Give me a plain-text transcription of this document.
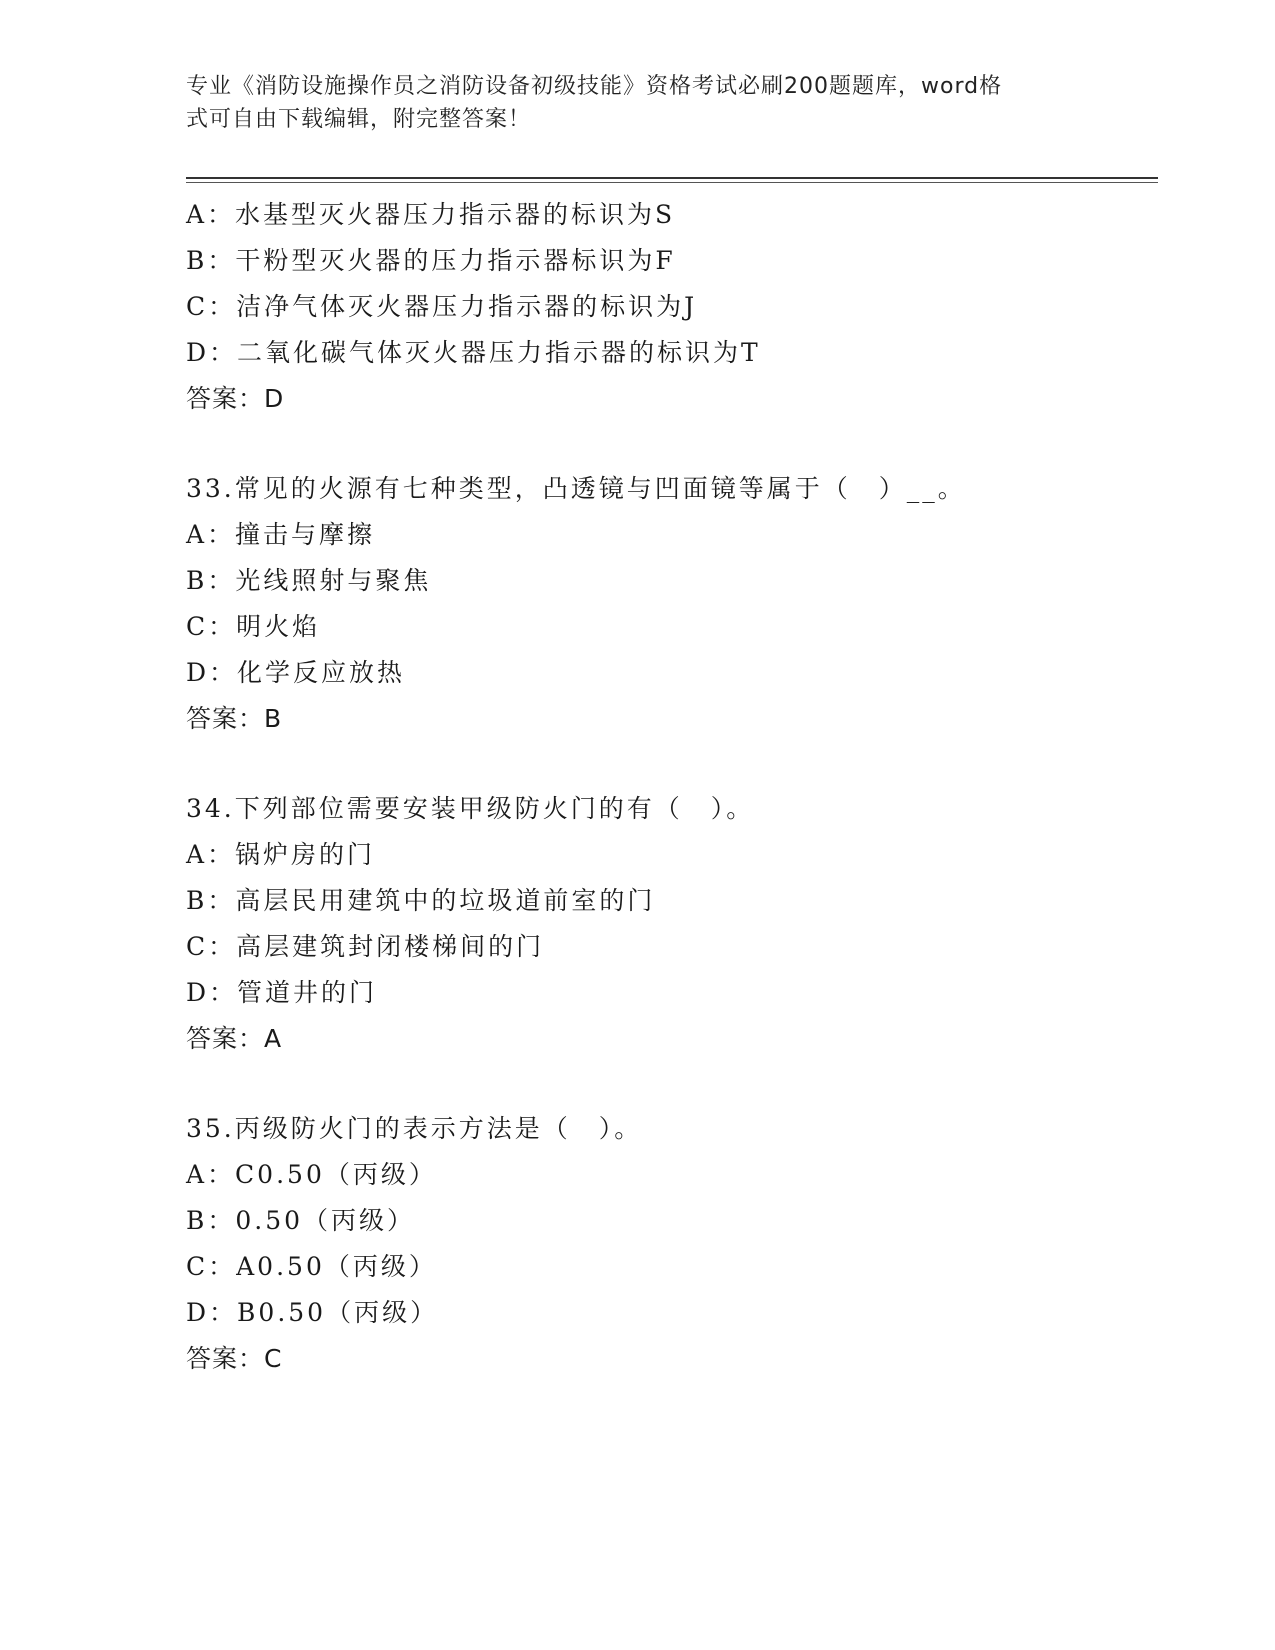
专业《消防设施操作员之消防设备初级技能》资格考试必刷200题题库，word格
式可自由下载编辑，附完整答案！
A：水基型灭火器压力指示器的标识为S
B：干粉型灭火器的压力指示器标识为F
C：洁净气体灭火器压力指示器的标识为J
D：二氧化碳气体灭火器压力指示器的标识为T
答案：D
33.常见的火源有七种类型，凸透镜与凹面镜等属于（　）__。
A：撞击与摩擦
B：光线照射与聚焦
C：明火焰
D：化学反应放热
答案：B
34.下列部位需要安装甲级防火门的有（　）。
A：锅炉房的门
B：高层民用建筑中的垃圾道前室的门
C：高层建筑封闭楼梯间的门
D：管道井的门
答案：A
35.丙级防火门的表示方法是（　）。
A：C0.50（丙级）
B：0.50（丙级）
C：A0.50（丙级）
D：B0.50（丙级）
答案：C
